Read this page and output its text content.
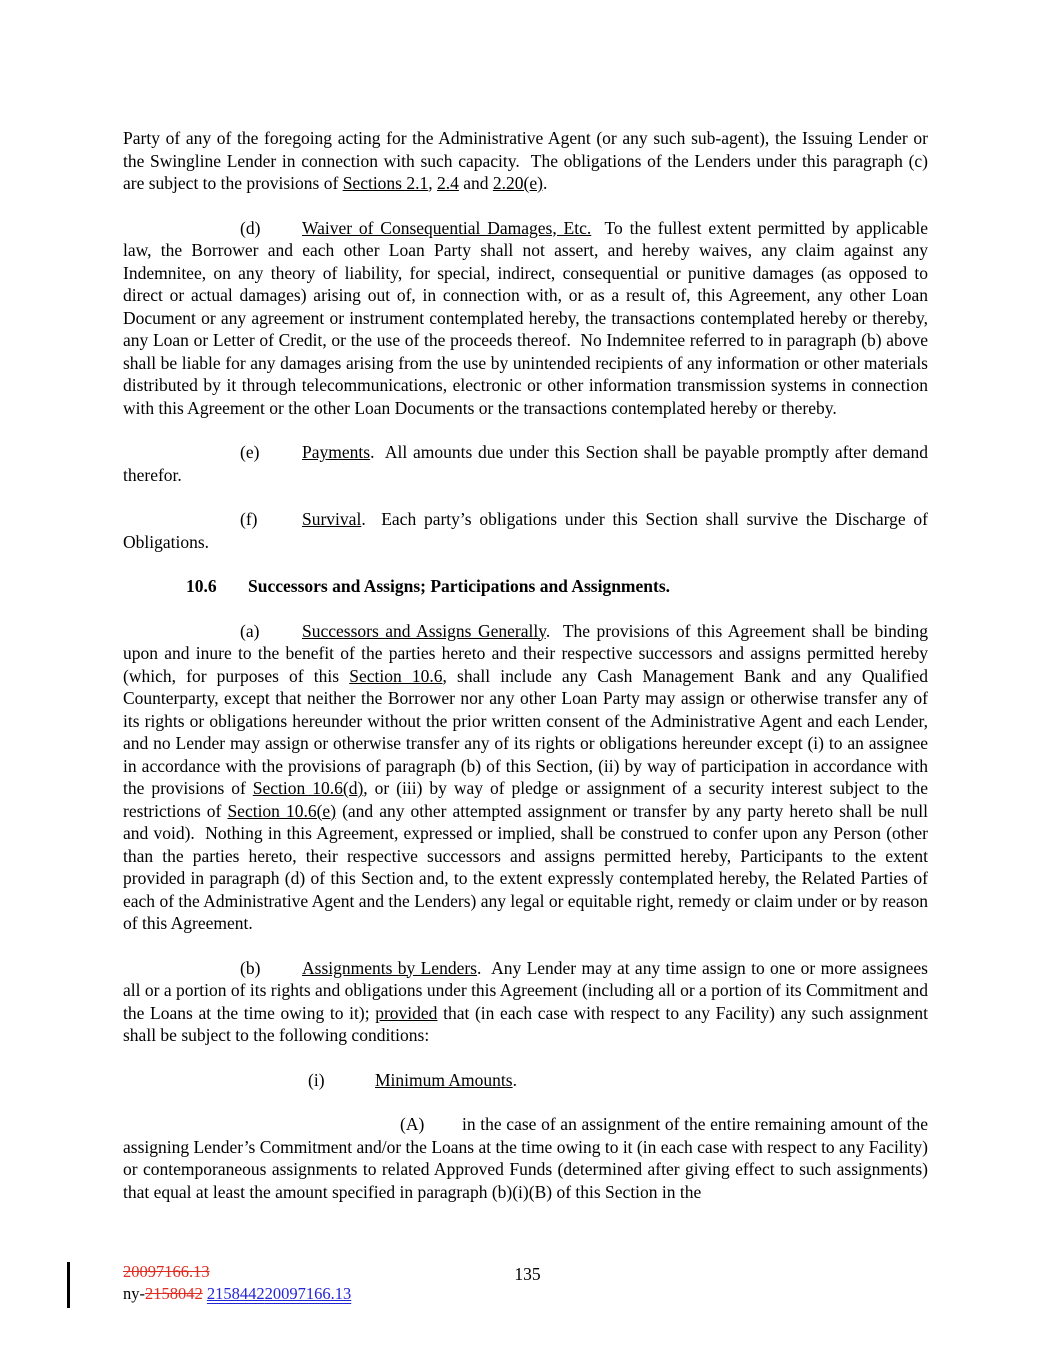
Party of any of the foregoing acting for the Administrative Agent (or any such sub-agent), the Issuing Lender or the Swingline Lender in connection with such capacity.  The obligations of the Lenders under this paragraph (c) are subject to the provisions of Sections 2.1, 2.4 and 2.20(e).

(d) Waiver of Consequential Damages, Etc.  To the fullest extent permitted by applicable law, the Borrower and each other Loan Party shall not assert, and hereby waives, any claim against any Indemnitee, on any theory of liability, for special, indirect, consequential or punitive damages (as opposed to direct or actual damages) arising out of, in connection with, or as a result of, this Agreement, any other Loan Document or any agreement or instrument contemplated hereby, the transactions contemplated hereby or thereby, any Loan or Letter of Credit, or the use of the proceeds thereof.  No Indemnitee referred to in paragraph (b) above shall be liable for any damages arising from the use by unintended recipients of any information or other materials distributed by it through telecommunications, electronic or other information transmission systems in connection with this Agreement or the other Loan Documents or the transactions contemplated hereby or thereby.

(e) Payments.  All amounts due under this Section shall be payable promptly after demand therefor.

(f)	Survival.  Each party’s obligations under this Section shall survive the Discharge of Obligations.

10.6 Successors and Assigns; Participations and Assignments.

(a) Successors and Assigns Generally.  The provisions of this Agreement shall be binding upon and inure to the benefit of the parties hereto and their respective successors and assigns permitted hereby (which, for purposes of this Section 10.6, shall include any Cash Management Bank and any Qualified Counterparty, except that neither the Borrower nor any other Loan Party may assign or otherwise transfer any of its rights or obligations hereunder without the prior written consent of the Administrative Agent and each Lender, and no Lender may assign or otherwise transfer any of its rights or obligations hereunder except (i) to an assignee in accordance with the provisions of paragraph (b) of this Section, (ii) by way of participation in accordance with the provisions of Section 10.6(d), or (iii) by way of pledge or assignment of a security interest subject to the restrictions of Section 10.6(e) (and any other attempted assignment or transfer by any party hereto shall be null and void).  Nothing in this Agreement, expressed or implied, shall be construed to confer upon any Person (other than the parties hereto, their respective successors and assigns permitted hereby, Participants to the extent provided in paragraph (d) of this Section and, to the extent expressly contemplated hereby, the Related Parties of each of the Administrative Agent and the Lenders) any legal or equitable right, remedy or claim under or by reason of this Agreement.

(b) Assignments by Lenders.  Any Lender may at any time assign to one or more assignees all or a portion of its rights and obligations under this Agreement (including all or a portion of its Commitment and the Loans at the time owing to it); provided that (in each case with respect to any Facility) any such assignment shall be subject to the following conditions:

(i)	Minimum Amounts.

(A) in the case of an assignment of the entire remaining amount of the assigning Lender’s Commitment and/or the Loans at the time owing to it (in each case with respect to any Facility) or contemporaneous assignments to related Approved Funds (determined after giving effect to such assignments) that equal at least the amount specified in paragraph (b)(i)(B) of this Section in the

20097166.13
ny-2158042 215844220097166.13
135
